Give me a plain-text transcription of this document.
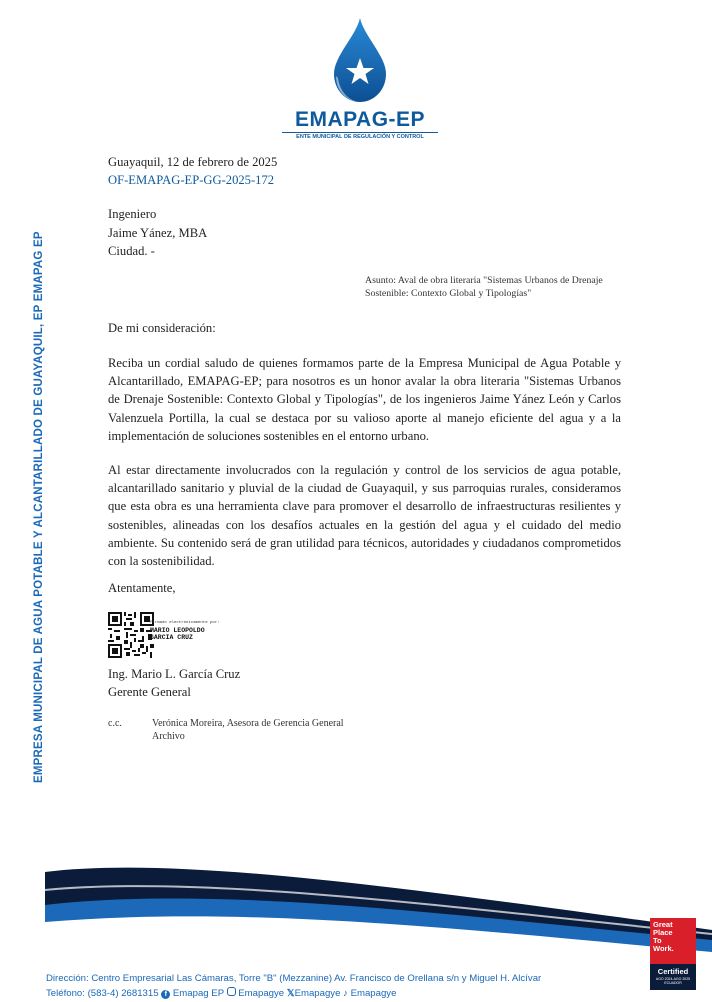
EMAPAG-EP
ENTE MUNICIPAL DE REGULACIÓN Y CONTROL
EMPRESA MUNICIPAL DE AGUA POTABLE Y ALCANTARILLADO DE GUAYAQUIL, EP EMAPAG EP
Guayaquil, 12 de febrero de 2025
OF-EMAPAG-EP-GG-2025-172
Ingeniero
Jaime Yánez, MBA
Ciudad. -
Asunto: Aval de obra literaria "Sistemas Urbanos de Drenaje
Sostenible: Contexto Global y Tipologías"
De mi consideración:
Reciba un cordial saludo de quienes formamos parte de la Empresa Municipal de Agua Potable y Alcantarillado, EMAPAG-EP; para nosotros es un honor avalar la obra literaria "Sistemas Urbanos de Drenaje Sostenible: Contexto Global y Tipologías", de los ingenieros Jaime Yánez León y Carlos Valenzuela Portilla, la cual se destaca por su valioso aporte al manejo eficiente del agua y a la implementación de soluciones sostenibles en el entorno urbano.
Al estar directamente involucrados con la regulación y control de los servicios de agua potable, alcantarillado sanitario y pluvial de la ciudad de Guayaquil, y sus parroquias rurales, consideramos que esta obra es una herramienta clave para promover el desarrollo de infraestructuras resilientes y sostenibles, alineadas con los desafíos actuales en la gestión del agua y el cuidado del medio ambiente. Su contenido será de gran utilidad para técnicos, autoridades y ciudadanos comprometidos con la sostenibilidad.
Atentamente,
Firmado electrónicamente por:
MARIO LEOPOLDO
GARCIA CRUZ
Ing. Mario L. García Cruz
Gerente General
c.c.	Verónica Moreira, Asesora de Gerencia General
Archivo
Dirección: Centro Empresarial Las Cámaras, Torre "B" (Mezzanine) Av. Francisco de Orellana s/n y Miguel H. Alcívar
Teléfono: (583-4) 2681315 f Emapag EP Emapagye 𝕏Emapagye ♪ Emapagye
Great
Place
To
Work.
Certified
AGO 2024-AGO 2025
ECUADOR
